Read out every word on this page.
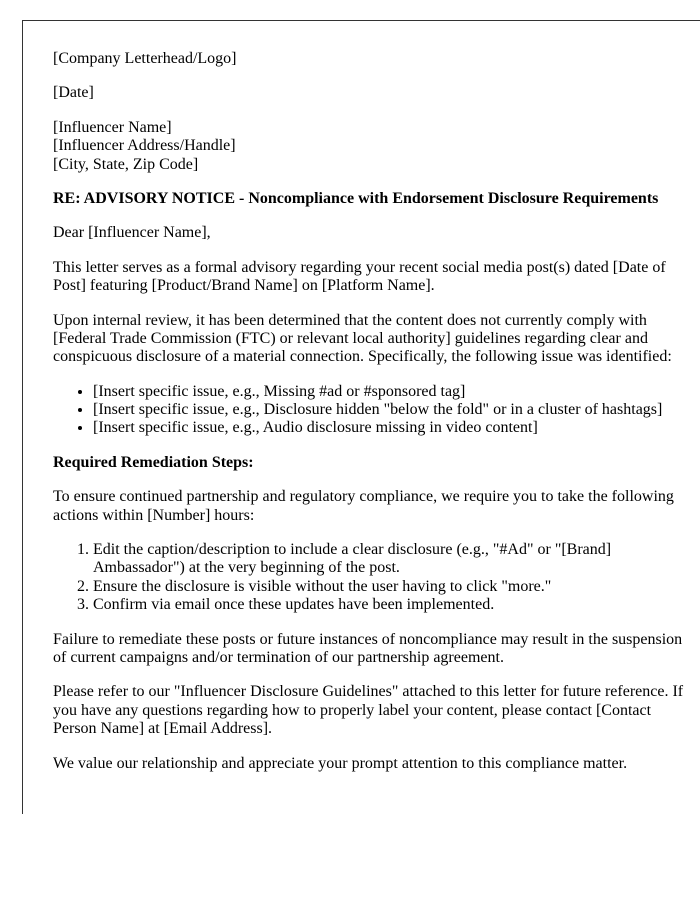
[Company Letterhead/Logo]

[Date]

[Influencer Name]
[Influencer Address/Handle]
[City, State, Zip Code]

RE: ADVISORY NOTICE - Noncompliance with Endorsement Disclosure Requirements

Dear [Influencer Name],

This letter serves as a formal advisory regarding your recent social media post(s) dated [Date of Post] featuring [Product/Brand Name] on [Platform Name].

Upon internal review, it has been determined that the content does not currently comply with [Federal Trade Commission (FTC) or relevant local authority] guidelines regarding clear and conspicuous disclosure of a material connection. Specifically, the following issue was identified:

• [Insert specific issue, e.g., Missing #ad or #sponsored tag]
• [Insert specific issue, e.g., Disclosure hidden "below the fold" or in a cluster of hashtags]
• [Insert specific issue, e.g., Audio disclosure missing in video content]

Required Remediation Steps:

To ensure continued partnership and regulatory compliance, we require you to take the following actions within [Number] hours:

1. Edit the caption/description to include a clear disclosure (e.g., "#Ad" or "[Brand] Ambassador") at the very beginning of the post.
2. Ensure the disclosure is visible without the user having to click "more."
3. Confirm via email once these updates have been implemented.

Failure to remediate these posts or future instances of noncompliance may result in the suspension of current campaigns and/or termination of our partnership agreement.

Please refer to our "Influencer Disclosure Guidelines" attached to this letter for future reference. If you have any questions regarding how to properly label your content, please contact [Contact Person Name] at [Email Address].

We value our relationship and appreciate your prompt attention to this compliance matter.
